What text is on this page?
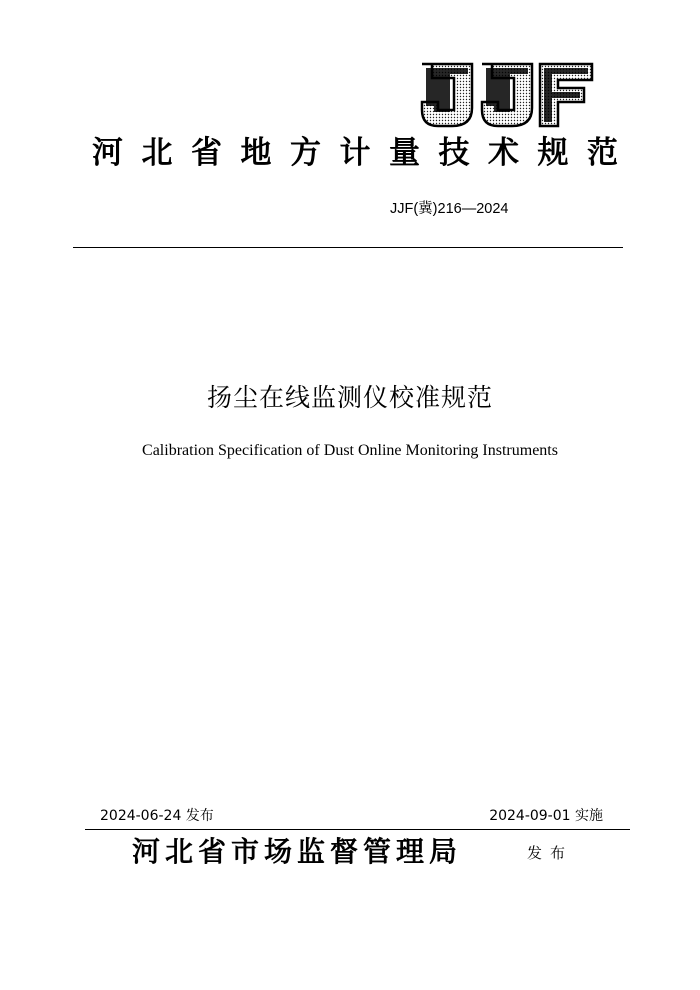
河北省地方计量技术规范
JJF(冀)216—2024
扬尘在线监测仪校准规范
Calibration Specification of Dust Online Monitoring Instruments
2024-06-24 发布	2024-09-01 实施
河北省市场监督管理局	发布
